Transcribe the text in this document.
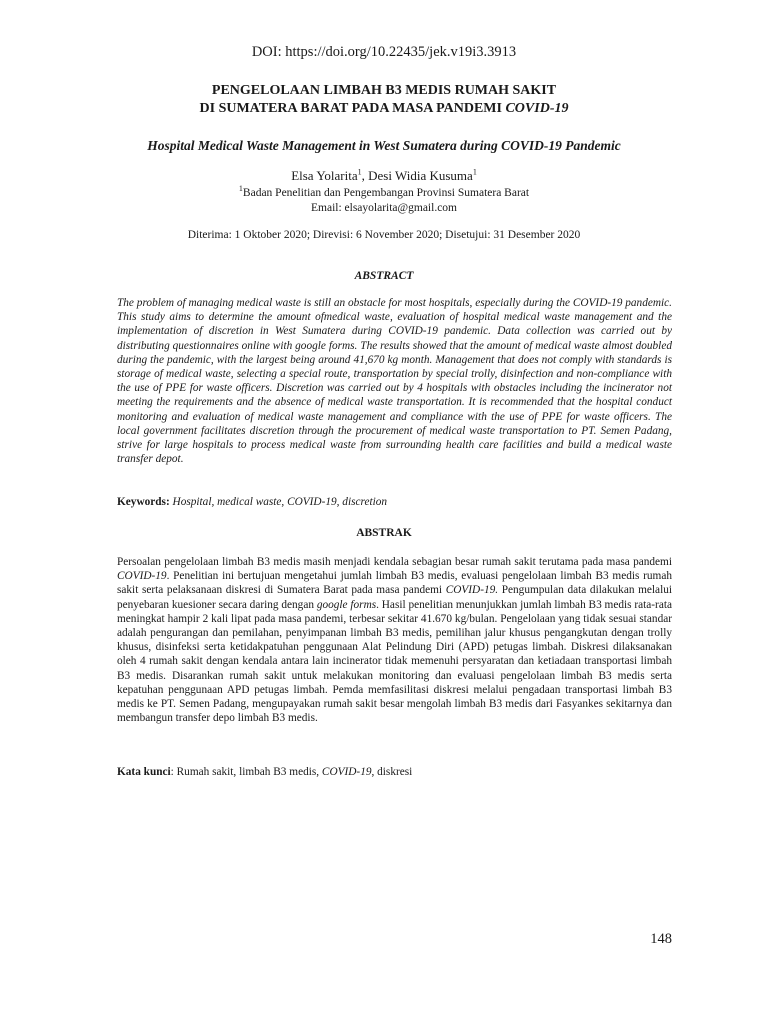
DOI: https://doi.org/10.22435/jek.v19i3.3913
PENGELOLAAN LIMBAH B3 MEDIS RUMAH SAKIT
DI SUMATERA BARAT PADA MASA PANDEMI COVID-19
Hospital Medical Waste Management in West Sumatera during COVID-19 Pandemic
Elsa Yolarita$^1$, Desi Widia Kusuma$^1$
$^1$Badan Penelitian dan Pengembangan Provinsi Sumatera Barat
Email: elsayolarita@gmail.com
Diterima: 1 Oktober 2020; Direvisi: 6 November 2020; Disetujui: 31 Desember 2020
ABSTRACT
The problem of managing medical waste is still an obstacle for most hospitals, especially during the COVID-19 pandemic. This study aims to determine the amount ofmedical waste, evaluation of hospital medical waste management and the implementation of discretion in West Sumatera during COVID-19 pandemic. Data collection was carried out by distributing questionnaires online with google forms. The results showed that the amount of medical waste almost doubled during the pandemic, with the largest being around 41,670 kg month. Management that does not comply with standards is storage of medical waste, selecting a special route, transportation by special trolly, disinfection and non-compliance with the use of PPE for waste officers. Discretion was carried out by 4 hospitals with obstacles including the incinerator not meeting the requirements and the absence of medical waste transportation. It is recommended that the hospital conduct monitoring and evaluation of medical waste management and compliance with the use of PPE for waste officers. The local government facilitates discretion through the procurement of medical waste transportation to PT. Semen Padang, strive for large hospitals to process medical waste from surrounding health care facilities and build a medical waste transfer depot.
Keywords: Hospital, medical waste, COVID-19, discretion
ABSTRAK
Persoalan pengelolaan limbah B3 medis masih menjadi kendala sebagian besar rumah sakit terutama pada masa pandemi COVID-19. Penelitian ini bertujuan mengetahui jumlah limbah B3 medis, evaluasi pengelolaan limbah B3 medis rumah sakit serta pelaksanaan diskresi di Sumatera Barat pada masa pandemi COVID-19. Pengumpulan data dilakukan melalui penyebaran kuesioner secara daring dengan google forms. Hasil penelitian menunjukkan jumlah limbah B3 medis rata-rata meningkat hampir 2 kali lipat pada masa pandemi, terbesar sekitar 41.670 kg/bulan. Pengelolaan yang tidak sesuai standar adalah pengurangan dan pemilahan, penyimpanan limbah B3 medis, pemilihan jalur khusus pengangkutan dengan trolly khusus, disinfeksi serta ketidakpatuhan penggunaan Alat Pelindung Diri (APD) petugas limbah. Diskresi dilaksanakan oleh 4 rumah sakit dengan kendala antara lain incinerator tidak memenuhi persyaratan dan ketiadaan transportasi limbah B3 medis. Disarankan rumah sakit untuk melakukan monitoring dan evaluasi pengelolaan limbah B3 medis serta kepatuhan penggunaan APD petugas limbah. Pemda memfasilitasi diskresi melalui pengadaan transportasi limbah B3 medis ke PT. Semen Padang, mengupayakan rumah sakit besar mengolah limbah B3 medis dari Fasyankes sekitarnya dan membangun transfer depo limbah B3 medis.
Kata kunci: Rumah sakit, limbah B3 medis, COVID-19, diskresi
148
